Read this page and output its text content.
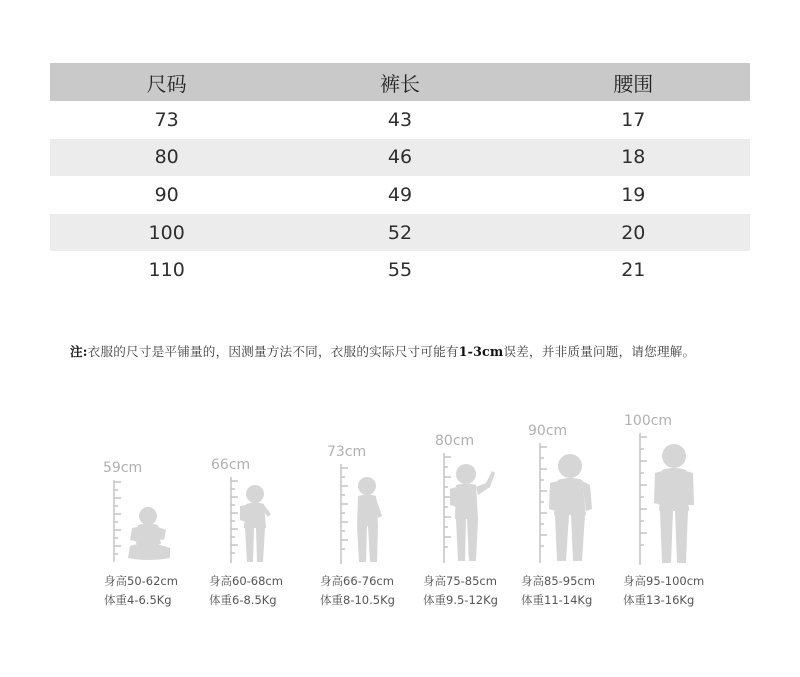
尺码	裤长	腰围
73	43	17
80	46	18
90	49	19
100	52	20
110	55	21
注:衣服的尺寸是平铺量的，因测量方法不同，衣服的实际尺寸可能有1-3cm误差，并非质量问题，请您理解。
59cm
身高50-62cm
体重4-6.5Kg
66cm
身高60-68cm
体重6-8.5Kg
73cm
身高66-76cm
体重8-10.5Kg
80cm
身高75-85cm
体重9.5-12Kg
90cm
身高85-95cm
体重11-14Kg
100cm
身高95-100cm
体重13-16Kg
